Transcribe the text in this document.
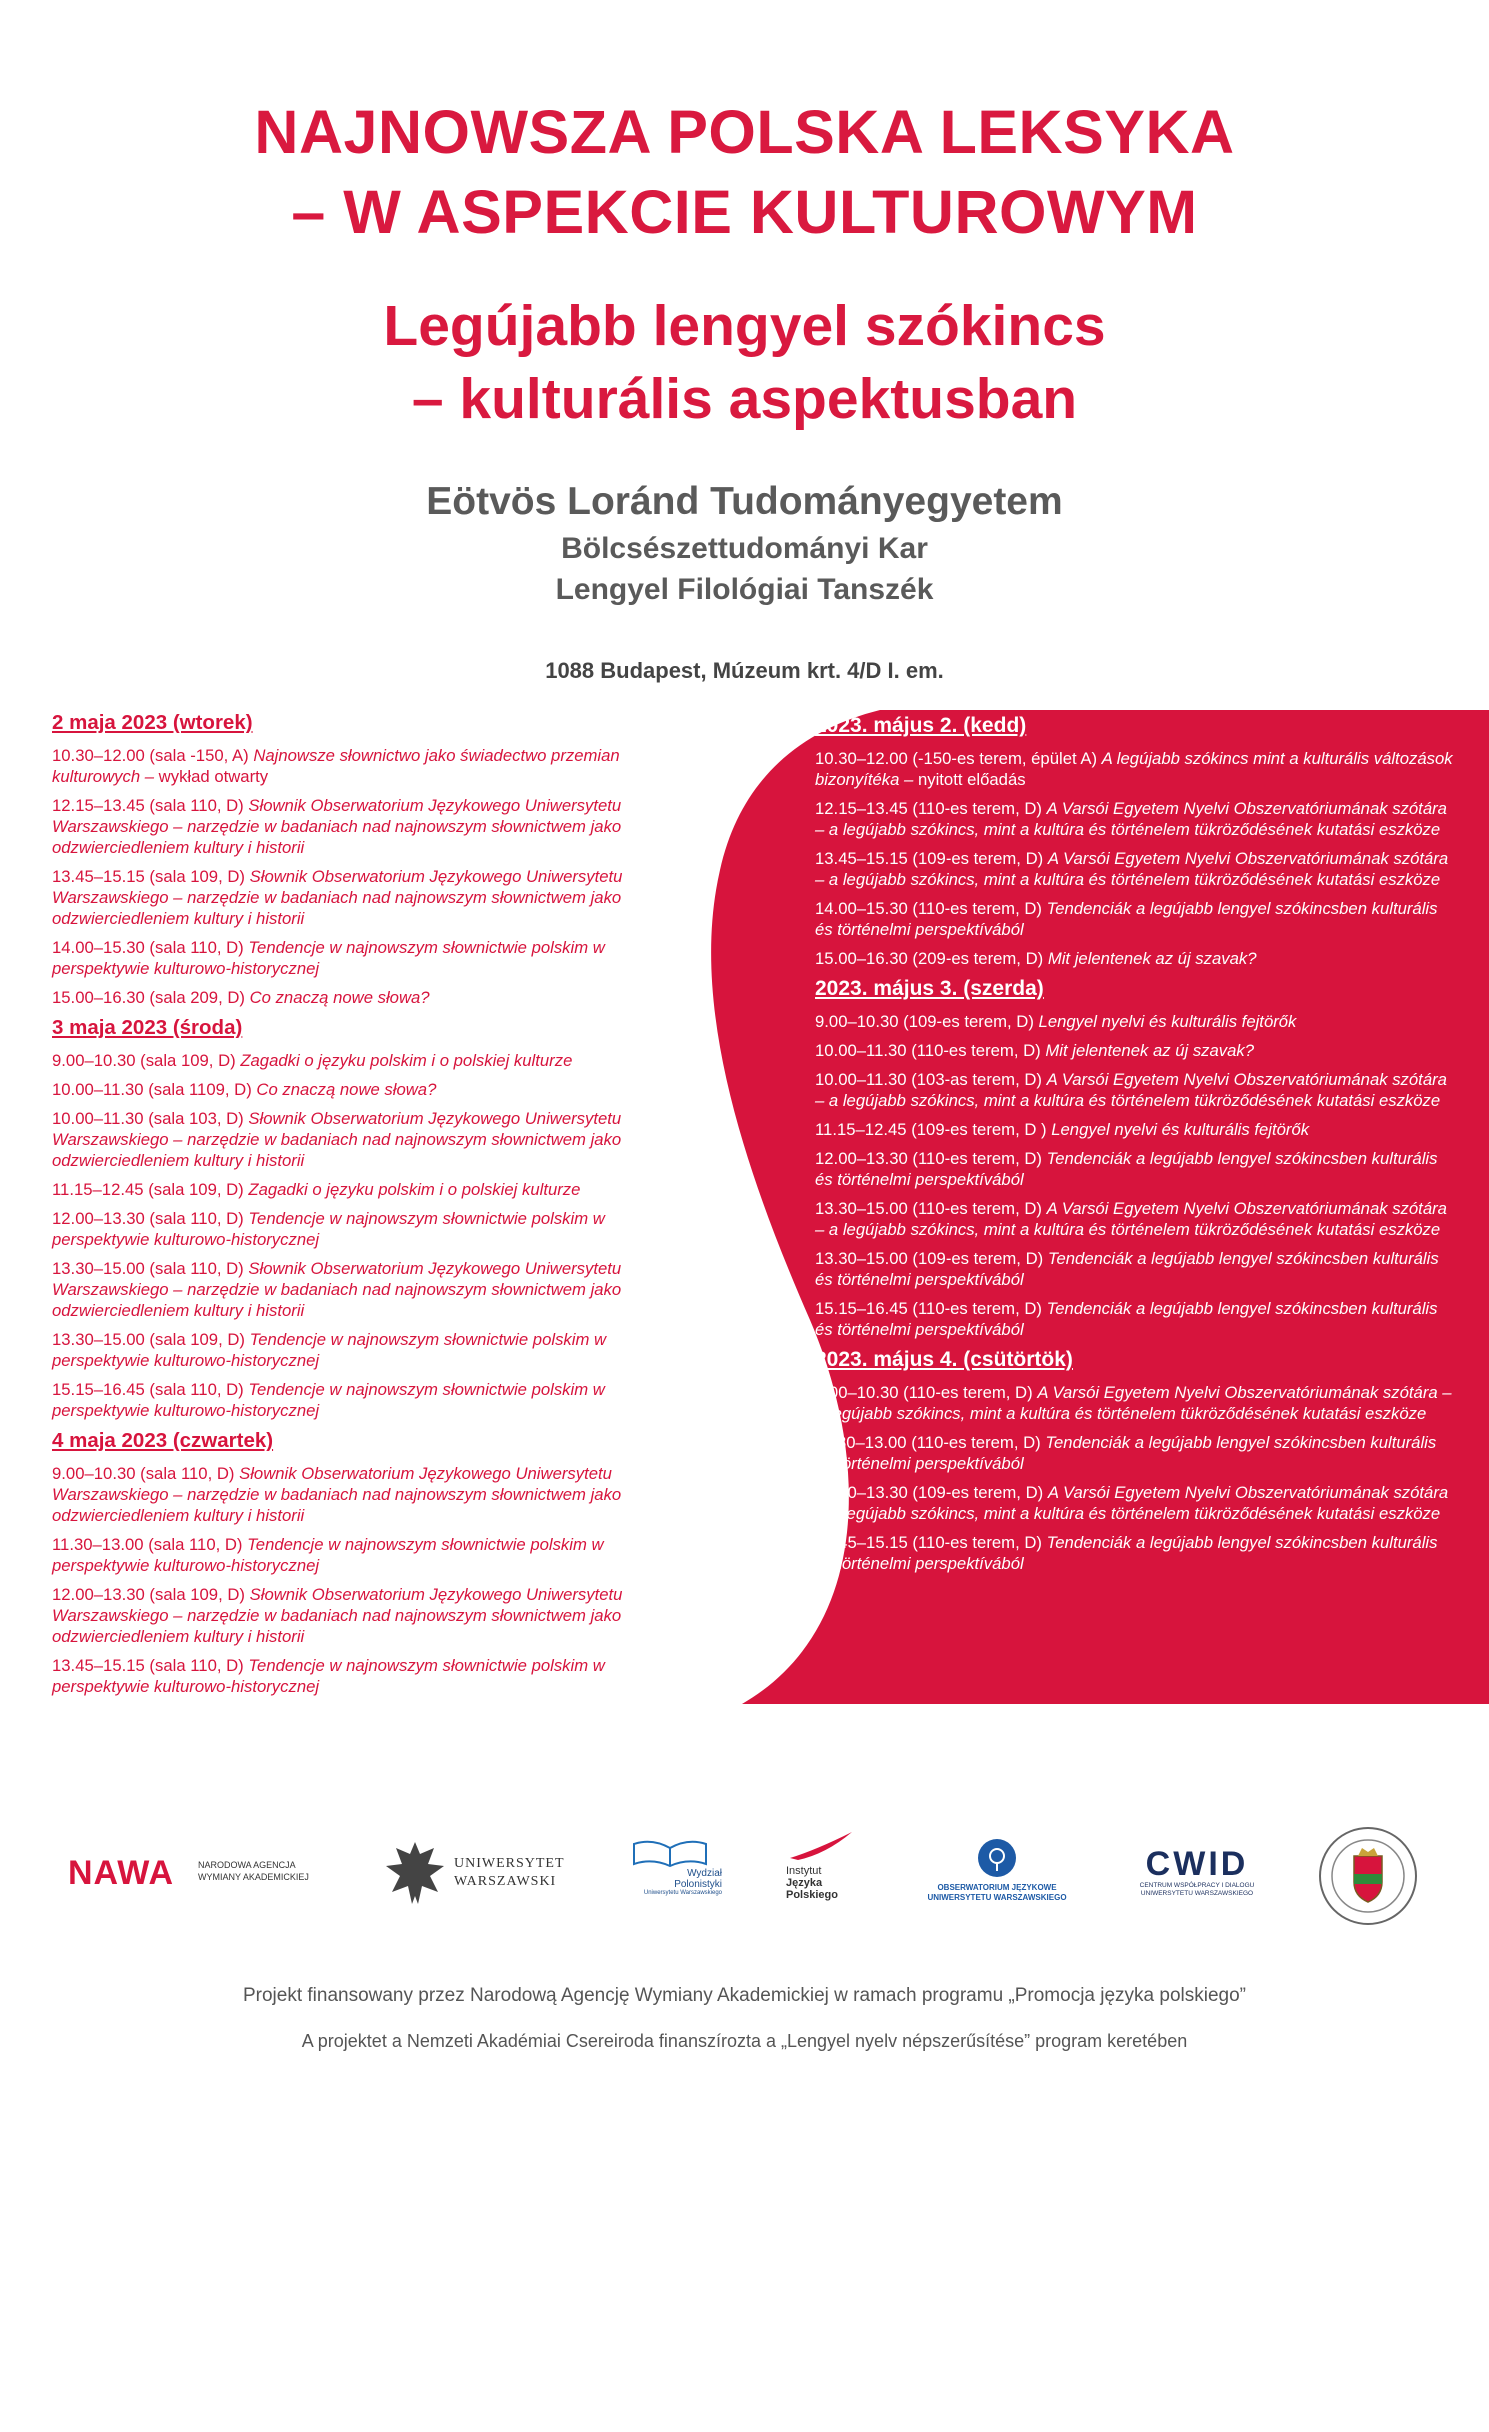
NAJNOWSZA POLSKA LEKSYKA
– W ASPEKCIE KULTUROWYM
Legújabb lengyel szókincs
– kulturális aspektusban
Eötvös Loránd Tudományegyetem
Bölcsészettudományi Kar
Lengyel Filológiai Tanszék
1088 Budapest, Múzeum krt. 4/D I. em.
2 maja 2023 (wtorek)
10.30–12.00 (sala -150, A) Najnowsze słownictwo jako świadectwo przemian kulturowych – wykład otwarty
12.15–13.45 (sala 110, D) Słownik Obserwatorium Językowego Uniwersytetu Warszawskiego – narzędzie w badaniach nad najnowszym słownictwem jako odzwierciedleniem kultury i historii
13.45–15.15 (sala 109, D) Słownik Obserwatorium Językowego Uniwersytetu Warszawskiego – narzędzie w badaniach nad najnowszym słownictwem jako odzwierciedleniem kultury i historii
14.00–15.30 (sala 110, D) Tendencje w najnowszym słownictwie polskim w perspektywie kulturowo-historycznej
15.00–16.30 (sala 209, D) Co znaczą nowe słowa?
3 maja 2023 (środa)
9.00–10.30 (sala 109, D) Zagadki o języku polskim i o polskiej kulturze
10.00–11.30 (sala 1109, D) Co znaczą nowe słowa?
10.00–11.30 (sala 103, D) Słownik Obserwatorium Językowego Uniwersytetu Warszawskiego – narzędzie w badaniach nad najnowszym słownictwem jako odzwierciedleniem kultury i historii
11.15–12.45 (sala 109, D) Zagadki o języku polskim i o polskiej kulturze
12.00–13.30 (sala 110, D) Tendencje w najnowszym słownictwie polskim w perspektywie kulturowo-historycznej
13.30–15.00 (sala 110, D) Słownik Obserwatorium Językowego Uniwersytetu Warszawskiego – narzędzie w badaniach nad najnowszym słownictwem jako odzwierciedleniem kultury i historii
13.30–15.00 (sala 109, D) Tendencje w najnowszym słownictwie polskim w perspektywie kulturowo-historycznej
15.15–16.45 (sala 110, D) Tendencje w najnowszym słownictwie polskim w perspektywie kulturowo-historycznej
4 maja 2023 (czwartek)
9.00–10.30 (sala 110, D) Słownik Obserwatorium Językowego Uniwersytetu Warszawskiego – narzędzie w badaniach nad najnowszym słownictwem jako odzwierciedleniem kultury i historii
11.30–13.00 (sala 110, D) Tendencje w najnowszym słownictwie polskim w perspektywie kulturowo-historycznej
12.00–13.30 (sala 109, D) Słownik Obserwatorium Językowego Uniwersytetu Warszawskiego – narzędzie w badaniach nad najnowszym słownictwem jako odzwierciedleniem kultury i historii
13.45–15.15 (sala 110, D) Tendencje w najnowszym słownictwie polskim w perspektywie kulturowo-historycznej
2023. május 2. (kedd)
10.30–12.00 (-150-es terem, épület A) A legújabb szókincs mint a kulturális változások bizonyítéka – nyitott előadás
12.15–13.45 (110-es terem, D) A Varsói Egyetem Nyelvi Obszervatóriumának szótára – a legújabb szókincs, mint a kultúra és történelem tükröződésének kutatási eszköze
13.45–15.15 (109-es terem, D) A Varsói Egyetem Nyelvi Obszervatóriumának szótára – a legújabb szókincs, mint a kultúra és történelem tükröződésének kutatási eszköze
14.00–15.30 (110-es terem, D) Tendenciák a legújabb lengyel szókincsben kulturális és történelmi perspektívából
15.00–16.30 (209-es terem, D) Mit jelentenek az új szavak?
2023. május 3. (szerda)
9.00–10.30 (109-es terem, D) Lengyel nyelvi és kulturális fejtörők
10.00–11.30 (110-es terem, D) Mit jelentenek az új szavak?
10.00–11.30 (103-as terem, D) A Varsói Egyetem Nyelvi Obszervatóriumának szótára – a legújabb szókincs, mint a kultúra és történelem tükröződésének kutatási eszköze
11.15–12.45 (109-es terem, D ) Lengyel nyelvi és kulturális fejtörők
12.00–13.30 (110-es terem, D) Tendenciák a legújabb lengyel szókincsben kulturális és történelmi perspektívából
13.30–15.00 (110-es terem, D) A Varsói Egyetem Nyelvi Obszervatóriumának szótára – a legújabb szókincs, mint a kultúra és történelem tükröződésének kutatási eszköze
13.30–15.00 (109-es terem, D) Tendenciák a legújabb lengyel szókincsben kulturális és történelmi perspektívából
15.15–16.45 (110-es terem, D) Tendenciák a legújabb lengyel szókincsben kulturális és történelmi perspektívából
2023. május 4. (csütörtök)
9.00–10.30 (110-es terem, D) A Varsói Egyetem Nyelvi Obszervatóriumának szótára – a legújabb szókincs, mint a kultúra és történelem tükröződésének kutatási eszköze
11.30–13.00 (110-es terem, D) Tendenciák a legújabb lengyel szókincsben kulturális és történelmi perspektívából
12.00–13.30 (109-es terem, D) A Varsói Egyetem Nyelvi Obszervatóriumának szótára – a legújabb szókincs, mint a kultúra és történelem tükröződésének kutatási eszköze
13.45–15.15 (110-es terem, D) Tendenciák a legújabb lengyel szókincsben kulturális és történelmi perspektívából
NAWA	NARODOWA AGENCJA
WYMIANY AKADEMICKIEJ
UNIWERSYTET
WARSZAWSKI
Wydział
Polonistyki
Uniwersytetu Warszawskiego
Instytut
Języka
Polskiego
OBSERWATORIUM JĘZYKOWE
UNIWERSYTETU WARSZAWSKIEGO
CWID
CENTRUM WSPÓŁPRACY I DIALOGU
UNIWERSYTETU WARSZAWSKIEGO
Projekt finansowany przez Narodową Agencję Wymiany Akademickiej w ramach programu „Promocja języka polskiego”
A projektet a Nemzeti Akadémiai Csereiroda finanszírozta a „Lengyel nyelv népszerűsítése” program keretében
